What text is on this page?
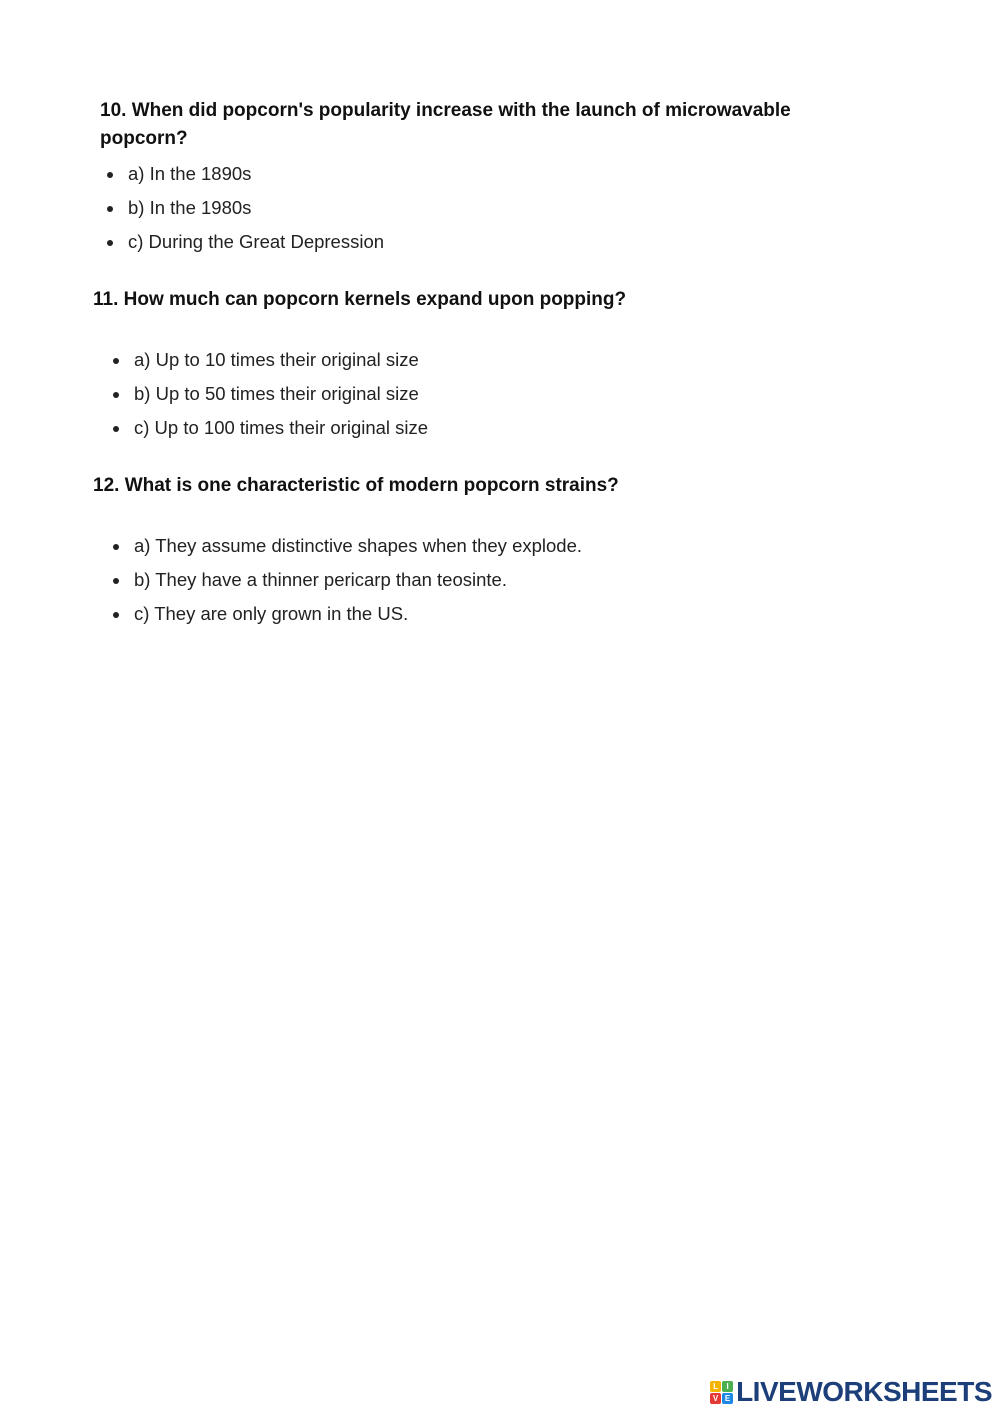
10. When did popcorn's popularity increase with the launch of microwavable popcorn?
a) In the 1890s
b) In the 1980s
c) During the Great Depression
11. How much can popcorn kernels expand upon popping?
a) Up to 10 times their original size
b) Up to 50 times their original size
c) Up to 100 times their original size
12. What is one characteristic of modern popcorn strains?
a) They assume distinctive shapes when they explode.
b) They have a thinner pericarp than teosinte.
c) They are only grown in the US.
L	I
V E LIVEWORKSHEETS
